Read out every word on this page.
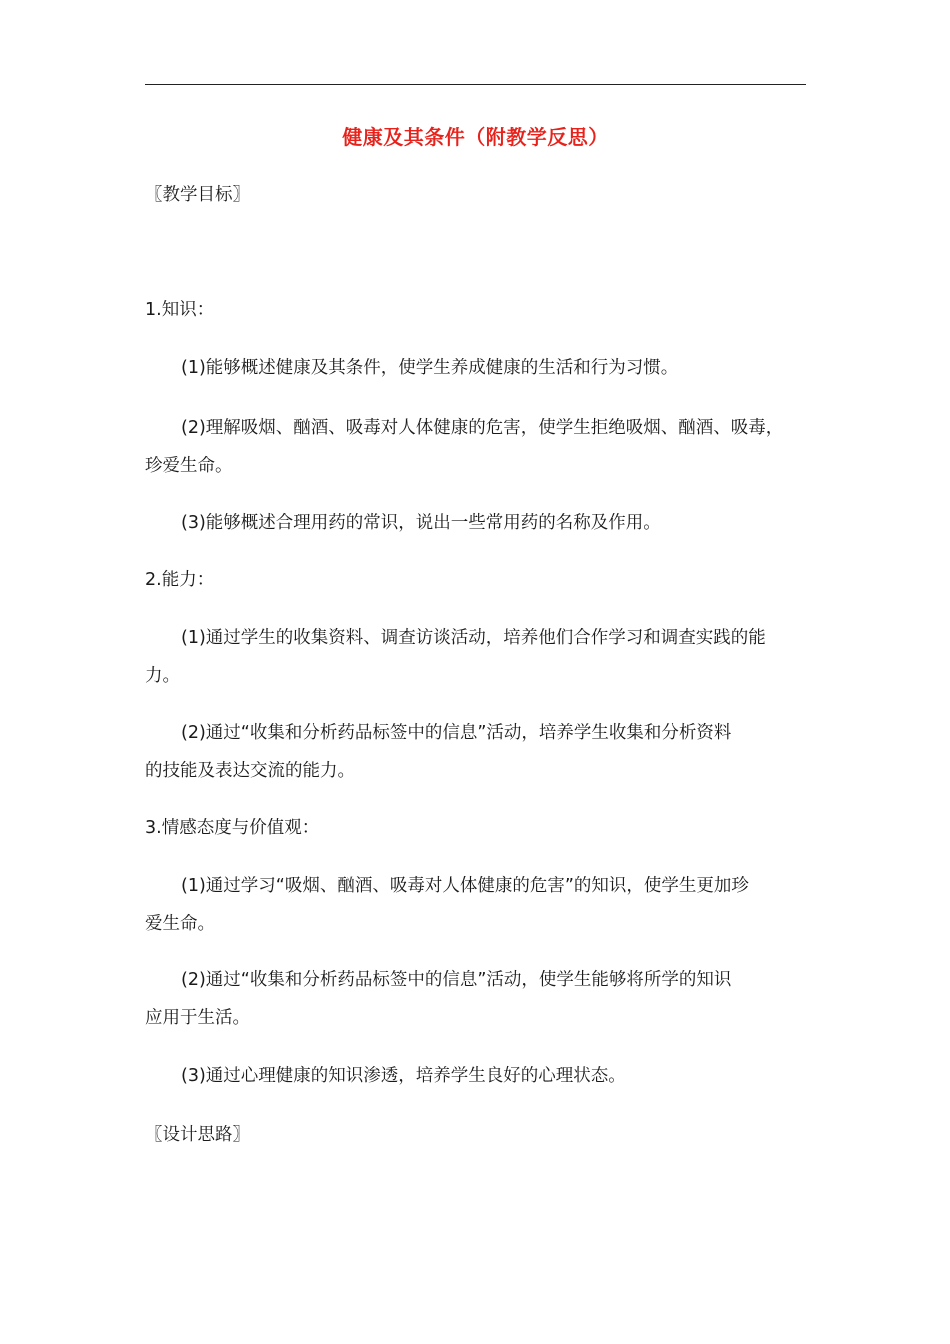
健康及其条件（附教学反思）
〖教学目标〗
1.知识：
(1)能够概述健康及其条件，使学生养成健康的生活和行为习惯。
(2)理解吸烟、酗酒、吸毒对人体健康的危害，使学生拒绝吸烟、酗酒、吸毒，
珍爱生命。
(3)能够概述合理用药的常识，说出一些常用药的名称及作用。
2.能力：
(1)通过学生的收集资料、调查访谈活动，培养他们合作学习和调查实践的能
力。
(2)通过“收集和分析药品标签中的信息”活动，培养学生收集和分析资料
的技能及表达交流的能力。
3.情感态度与价值观：
(1)通过学习“吸烟、酗酒、吸毒对人体健康的危害”的知识，使学生更加珍
爱生命。
(2)通过“收集和分析药品标签中的信息”活动，使学生能够将所学的知识
应用于生活。
(3)通过心理健康的知识渗透，培养学生良好的心理状态。
〖设计思路〗
